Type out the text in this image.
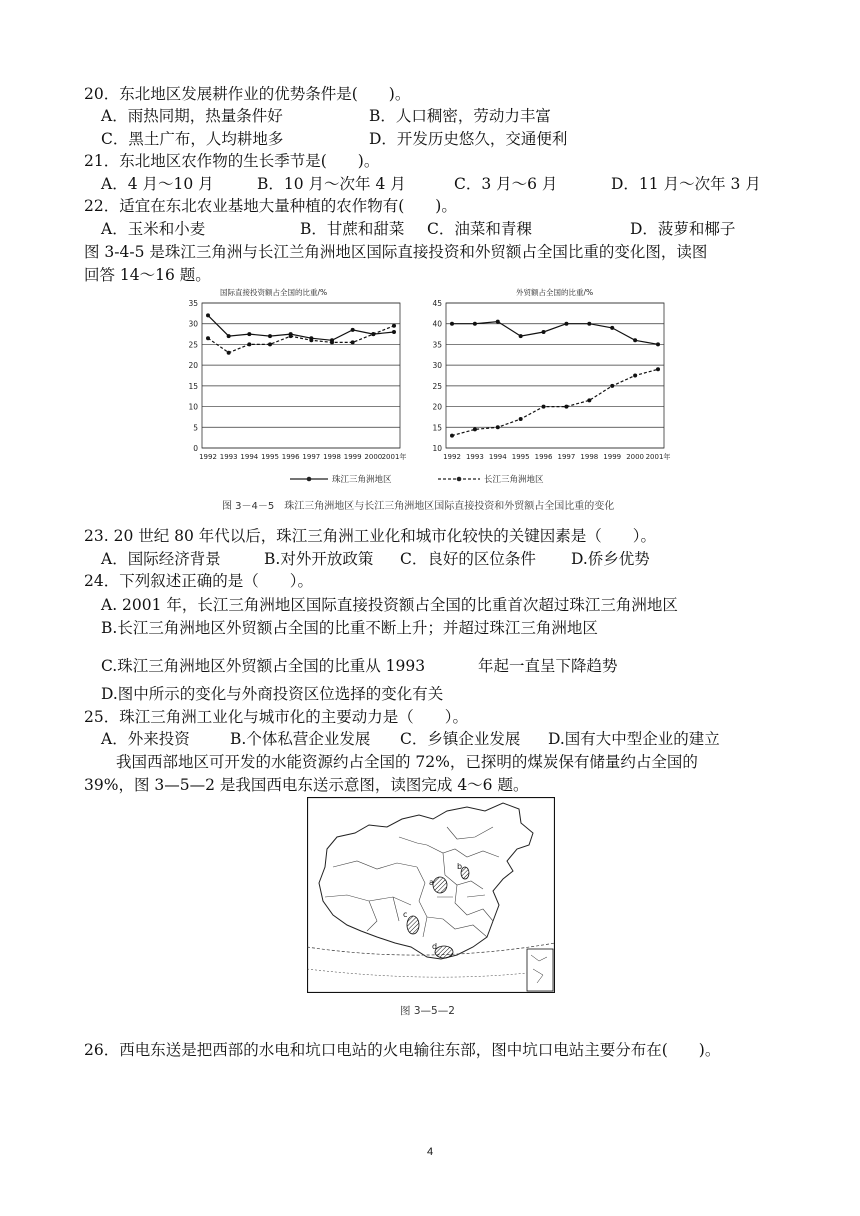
20．东北地区发展耕作业的优势条件是(　　)。
A．雨热同期，热量条件好	B．人口稠密，劳动力丰富
C．黑土广布，人均耕地多	D．开发历史悠久，交通便利
21．东北地区农作物的生长季节是(　　)。
A．4 月～10 月	B．10 月～次年 4 月	C．3 月～6 月	D．11 月～次年 3 月
22．适宜在东北农业基地大量种植的农作物有(　　)。
A．玉米和小麦	B．甘蔗和甜菜 C．油菜和青稞	D．菠萝和椰子
图 3-4-5 是珠江三角洲与长江兰角洲地区国际直接投资和外贸额占全国比重的变化图，读图
回答 14～16 题。
国际直接投资额占全国的比重/%
0
5
10
15
20
25
30
35
1992 1993 1994 1995 1996 1997 1998 1999 2000 2001年
外贸额占全国的比重/%
10
15
20
25
30
35
40
45
1992 1993 1994 1995 1996 1997 1998 1999 2000 2001年
珠江三角洲地区	长江三角洲地区
图 3－4－5　珠江三角洲地区与长江三角洲地区国际直接投资和外贸额占全国比重的变化
23. 20 世纪 80 年代以后，珠江三角洲工业化和城市化较快的关键因素是（　　）。
A．国际经济背景	B.对外开放政策 C．良好的区位条件 D.侨乡优势
24．下列叙述正确的是（　　）。
A. 2001 年，长江三角洲地区国际直接投资额占全国的比重首次超过珠江三角洲地区
B.长江三角洲地区外贸额占全国的比重不断上升；并超过珠江三角洲地区
C.珠江三角洲地区外贸额占全国的比重从 1993	年起一直呈下降趋势
D.图中所示的变化与外商投资区位选择的变化有关
25．珠江三角洲工业化与城市化的主要动力是（　　）。
A．外来投资	B.个体私营企业发展 C．乡镇企业发展 D.国有大中型企业的建立
我国西部地区可开发的水能资源约占全国的 72%，已探明的煤炭保有储量约占全国的
39%，图 3—5—2 是我国西电东送示意图，读图完成 4～6 题。
a
b
c
d
图 3—5—2
26．西电东送是把西部的水电和坑口电站的火电输往东部，图中坑口电站主要分布在(　　)。
4
